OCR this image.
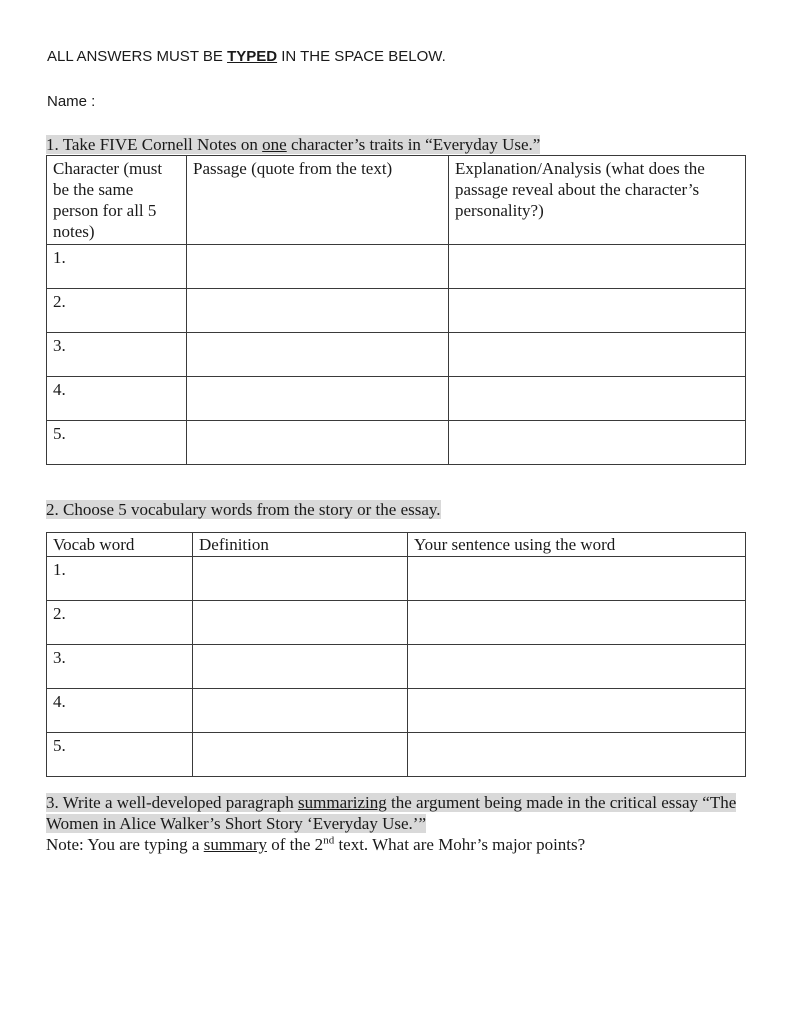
ALL ANSWERS MUST BE TYPED IN THE SPACE BELOW.
Name :
1. Take FIVE Cornell Notes on one character’s traits in “Everyday Use.”
Character (must be the same person for all 5 notes)	Passage (quote from the text)	Explanation/Analysis (what does the passage reveal about the character’s personality?)
1.		
2.		
3.		
4.		
5.		
2. Choose 5 vocabulary words from the story or the essay.
Vocab word	Definition	Your sentence using the word
1.		
2.		
3.		
4.		
5.		
3. Write a well-developed paragraph summarizing the argument being made in the critical essay “The Women in Alice Walker’s Short Story ‘Everyday Use.’”
Note: You are typing a summary of the 2nd text. What are Mohr’s major points?
